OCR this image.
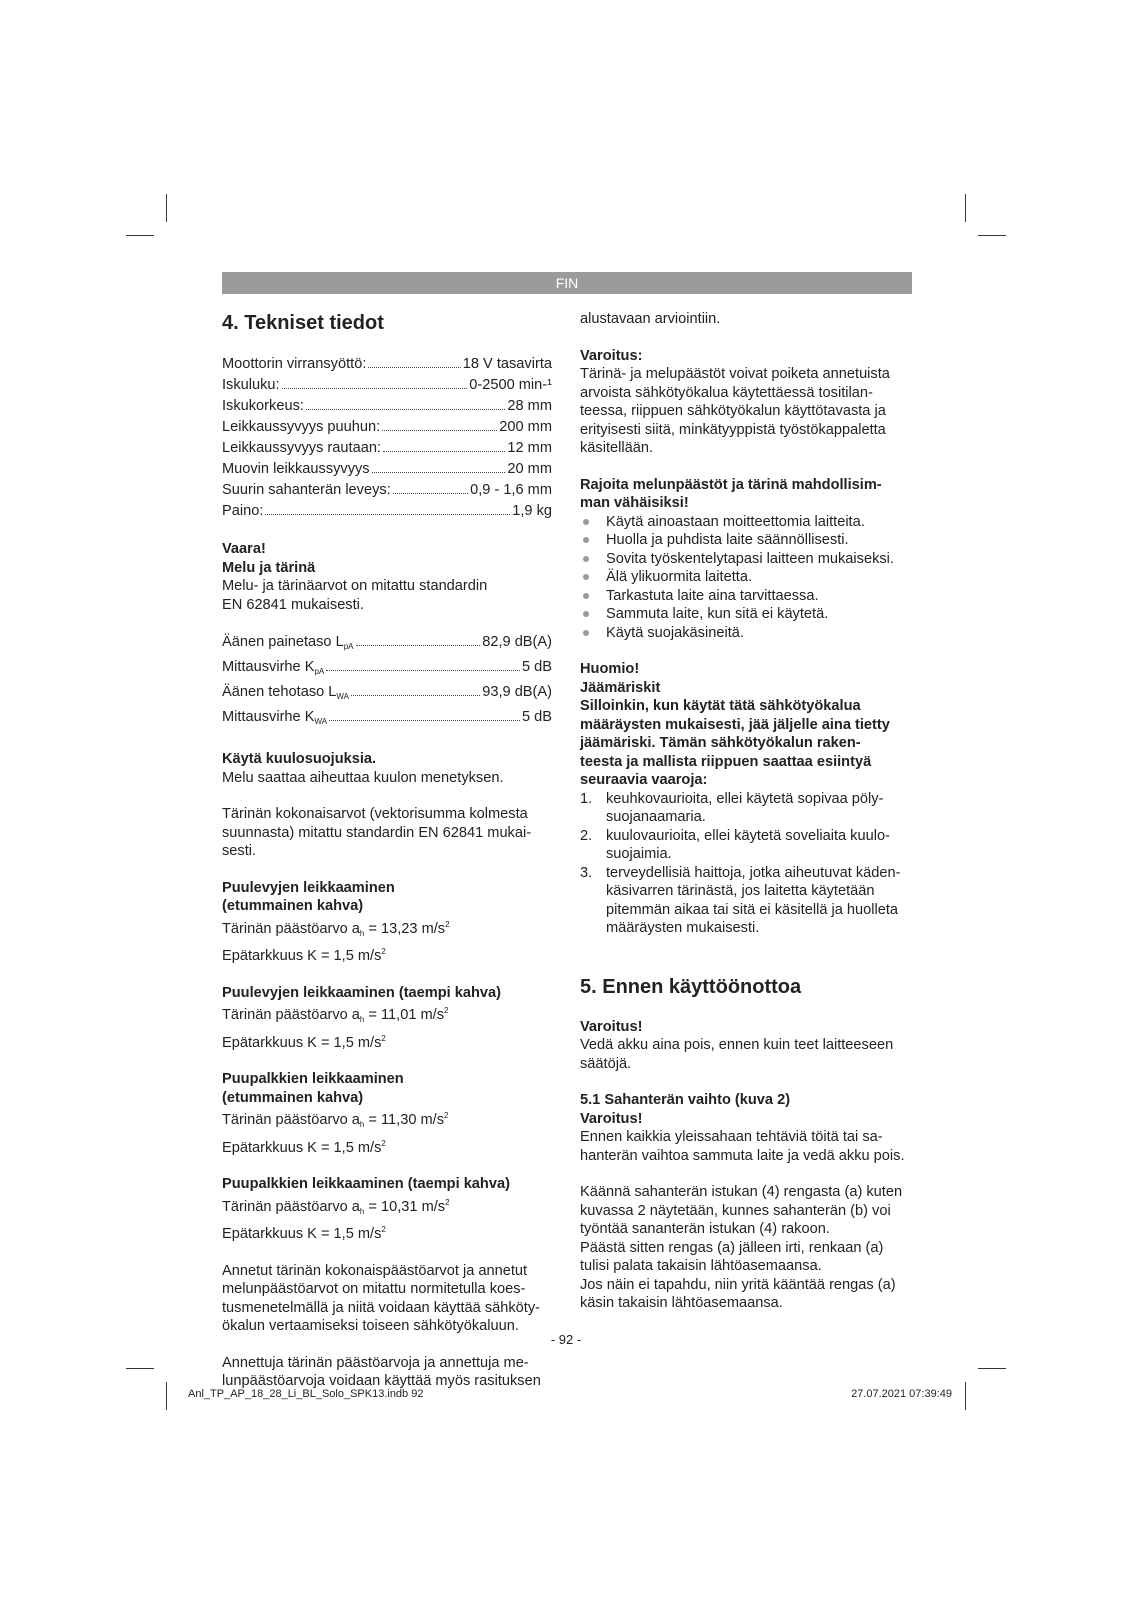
FIN
4. Tekniset tiedot
Moottorin virransyöttö:	18 V tasavirta
Iskuluku:	0-2500 min-¹
Iskukorkeus:	28 mm
Leikkaussyvyys puuhun:	200 mm
Leikkaussyvyys rautaan:	12 mm
Muovin leikkaussyvyys	20 mm
Suurin sahanterän leveys:	0,9 - 1,6 mm
Paino:	1,9 kg

Vaara!

Melu ja tärinä

Melu- ja tärinäarvot on mitattu standardin

EN 62841 mukaisesti.

Äänen painetaso $L_{pA}$	82,9 dB(A)
Mittausvirhe $K_{pA}$	5 dB
Äänen tehotaso $L_{WA}$	93,9 dB(A)
Mittausvirhe $K_{WA}$	5 dB

Käytä kuulosuojuksia.

Melu saattaa aiheuttaa kuulon menetyksen.

Tärinän kokonaisarvot (vektorisumma kolmesta

suunnasta) mitattu standardin EN 62841 mukai-

sesti.

Puulevyjen leikkaaminen

(etummainen kahva)

Tärinän päästöarvo $a_h = 13,23$ $m/s^2$

Epätarkkuus K = 1,5 $m/s^2$

Puulevyjen leikkaaminen (taempi kahva)

Tärinän päästöarvo $a_h = 11,01$ $m/s^2$

Epätarkkuus K = 1,5 $m/s^2$

Puupalkkien leikkaaminen

(etummainen kahva)

Tärinän päästöarvo $a_h = 11,30$ $m/s^2$

Epätarkkuus K = 1,5 $m/s^2$

Puupalkkien leikkaaminen (taempi kahva)

Tärinän päästöarvo $a_h = 10,31$ $m/s^2$

Epätarkkuus K = 1,5 $m/s^2$

Annetut tärinän kokonaispäästöarvot ja annetut

melunpäästöarvot on mitattu normitetulla koes-

tusmenetelmällä ja niitä voidaan käyttää sähköty-

ökalun vertaamiseksi toiseen sähkötyökaluun.

Annettuja tärinän päästöarvoja ja annettuja me-

lunpäästöarvoja voidaan käyttää myös rasituksen

alustavaan arviointiin.

Varoitus:

Tärinä- ja melupäästöt voivat poiketa annetuista

arvoista sähkötyökalua käytettäessä tositilan-

teessa, riippuen sähkötyökalun käyttötavasta ja

erityisesti siitä, minkätyyppistä työstökappaletta

käsitellään.

Rajoita melunpäästöt ja tärinä mahdollisim-

man vähäisiksi!

Käytä ainoastaan moitteettomia laitteita.
Huolla ja puhdista laite säännöllisesti.
Sovita työskentelytapasi laitteen mukaiseksi.
Älä ylikuormita laitetta.
Tarkastuta laite aina tarvittaessa.
Sammuta laite, kun sitä ei käytetä.
Käytä suojakäsineitä.

Huomio!

Jäämäriskit

Silloinkin, kun käytät tätä sähkötyökalua

määräysten mukaisesti, jää jäljelle aina tietty

jäämäriski. Tämän sähkötyökalun raken-

teesta ja mallista riippuen saattaa esiintyä

seuraavia vaaroja:

1. keuhkovaurioita, ellei käytetä sopivaa pöly-
suojanaamaria.
2. kuulovaurioita, ellei käytetä soveliaita kuulo-
suojaimia.
3. terveydellisiä haittoja, jotka aiheutuvat käden-
käsivarren tärinästä, jos laitetta käytetään
pitemmän aikaa tai sitä ei käsitellä ja huolleta
määräysten mukaisesti.
5. Ennen käyttöönottoa

Varoitus!

Vedä akku aina pois, ennen kuin teet laitteeseen

säätöjä.

5.1 Sahanterän vaihto (kuva 2)

Varoitus!

Ennen kaikkia yleissahaan tehtäviä töitä tai sa-

hanterän vaihtoa sammuta laite ja vedä akku pois.

Käännä sahanterän istukan (4) rengasta (a) kuten

kuvassa 2 näytetään, kunnes sahanterän (b) voi

työntää sananterän istukan (4) rakoon.

Päästä sitten rengas (a) jälleen irti, renkaan (a)

tulisi palata takaisin lähtöasemaansa.

Jos näin ei tapahdu, niin yritä kääntää rengas (a)

käsin takaisin lähtöasemaansa.

- 92 -
Anl_TP_AP_18_28_Li_BL_Solo_SPK13.indb 92	27.07.2021 07:39:49
